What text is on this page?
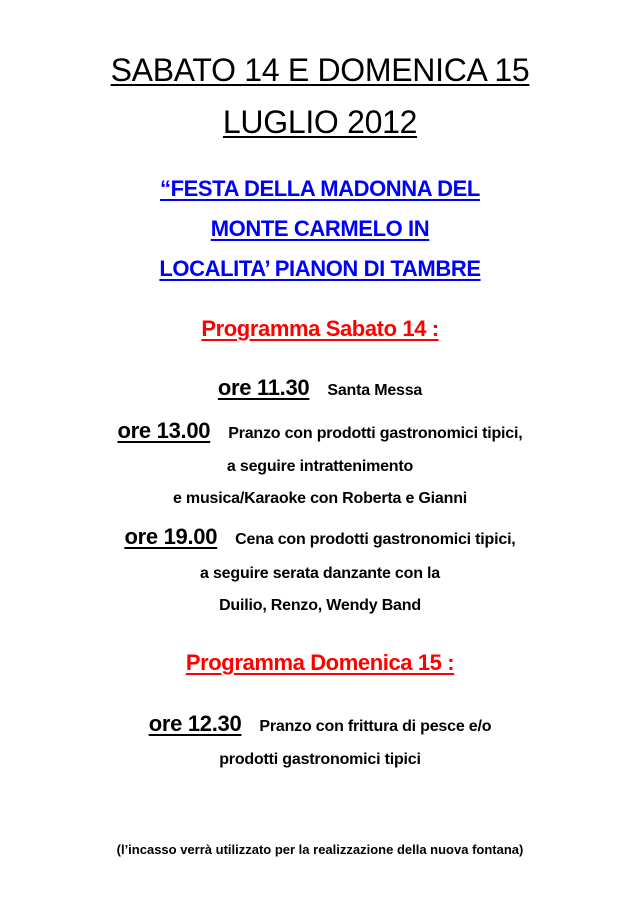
SABATO 14 E DOMENICA 15
LUGLIO 2012
“FESTA DELLA MADONNA DEL
MONTE CARMELO IN
LOCALITA’ PIANON DI TAMBRE
Programma Sabato 14 :
ore 11.30 Santa Messa
ore 13.00 Pranzo con prodotti gastronomici tipici,
a seguire intrattenimento
e musica/Karaoke con Roberta e Gianni
ore 19.00 Cena con prodotti gastronomici tipici,
a seguire serata danzante con la
Duilio, Renzo, Wendy Band
Programma Domenica 15 :
ore 12.30 Pranzo con frittura di pesce e/o
prodotti gastronomici tipici
(l’incasso verrà utilizzato per la realizzazione della nuova fontana)
